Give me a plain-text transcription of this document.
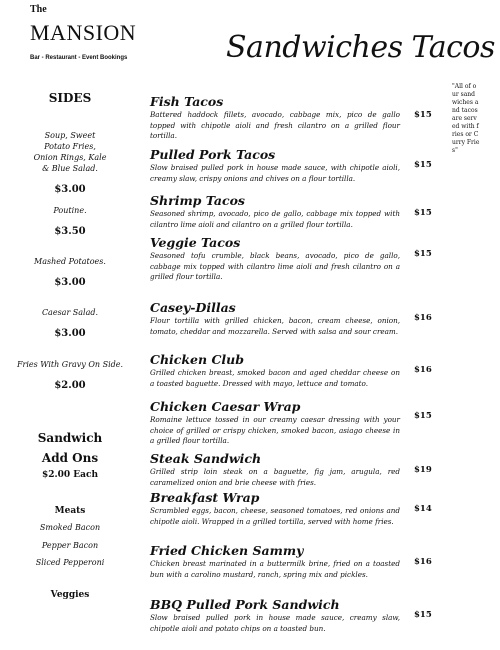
The
MANSION
Bar - Restaurant - Event Bookings	Sandwiches Tacos
"All of our sandwiches and tacos are served with fries or Curry Fries"
SIDES
Soup, Sweet Potato Fries, Onion Rings, Kale & Blue Salad.
$3.00
Poutine.
$3.50
Mashed Potatoes.
$3.00
Caesar Salad.
$3.00
Fries With Gravy On Side.
$2.00
Sandwich
Add Ons
$2.00 Each
Meats
Smoked Bacon
Pepper Bacon
Sliced Pepperoni
Veggies
Fish Tacos
Battered haddock fillets, avocado, cabbage mix, pico de gallo topped with chipotle aioli and fresh cilantro on a grilled flour tortilla.
$15
Pulled Pork Tacos
Slow braised pulled pork in house made sauce, with chipotle aioli, creamy slaw, crispy onions and chives on a flour tortilla.
$15
Shrimp Tacos
Seasoned shrimp, avocado, pico de gallo, cabbage mix topped with cilantro lime aioli and cilantro on a grilled flour tortilla.
$15
Veggie Tacos
Seasoned tofu crumble, black beans, avocado, pico de gallo, cabbage mix topped with cilantro lime aioli and fresh cilantro on a grilled flour tortilla.
$15
Casey-Dillas
Flour tortilla with grilled chicken, bacon, cream cheese, onion, tomato, cheddar and mozzarella. Served with salsa and sour cream.
$16
Chicken Club
Grilled chicken breast, smoked bacon and aged cheddar cheese on a toasted baguette. Dressed with mayo, lettuce and tomato.
$16
Chicken Caesar Wrap
Romaine lettuce tossed in our creamy caesar dressing with your choice of grilled or crispy chicken, smoked bacon, asiago cheese in a grilled flour tortilla.
$15
Steak Sandwich
Grilled strip loin steak on a baguette, fig jam, arugula, red caramelized onion and brie cheese with fries.
$19
Breakfast Wrap
Scrambled eggs, bacon, cheese, seasoned tomatoes, red onions and chipotle aioli. Wrapped in a grilled tortilla, served with home fries.
$14
Fried Chicken Sammy
Chicken breast marinated in a buttermilk brine, fried on a toasted bun with a carolino mustard, ranch, spring mix and pickles.
$16
BBQ Pulled Pork Sandwich
Slow braised pulled pork in house made sauce, creamy slaw, chipotle aioli and potato chips on a toasted bun.
$15
